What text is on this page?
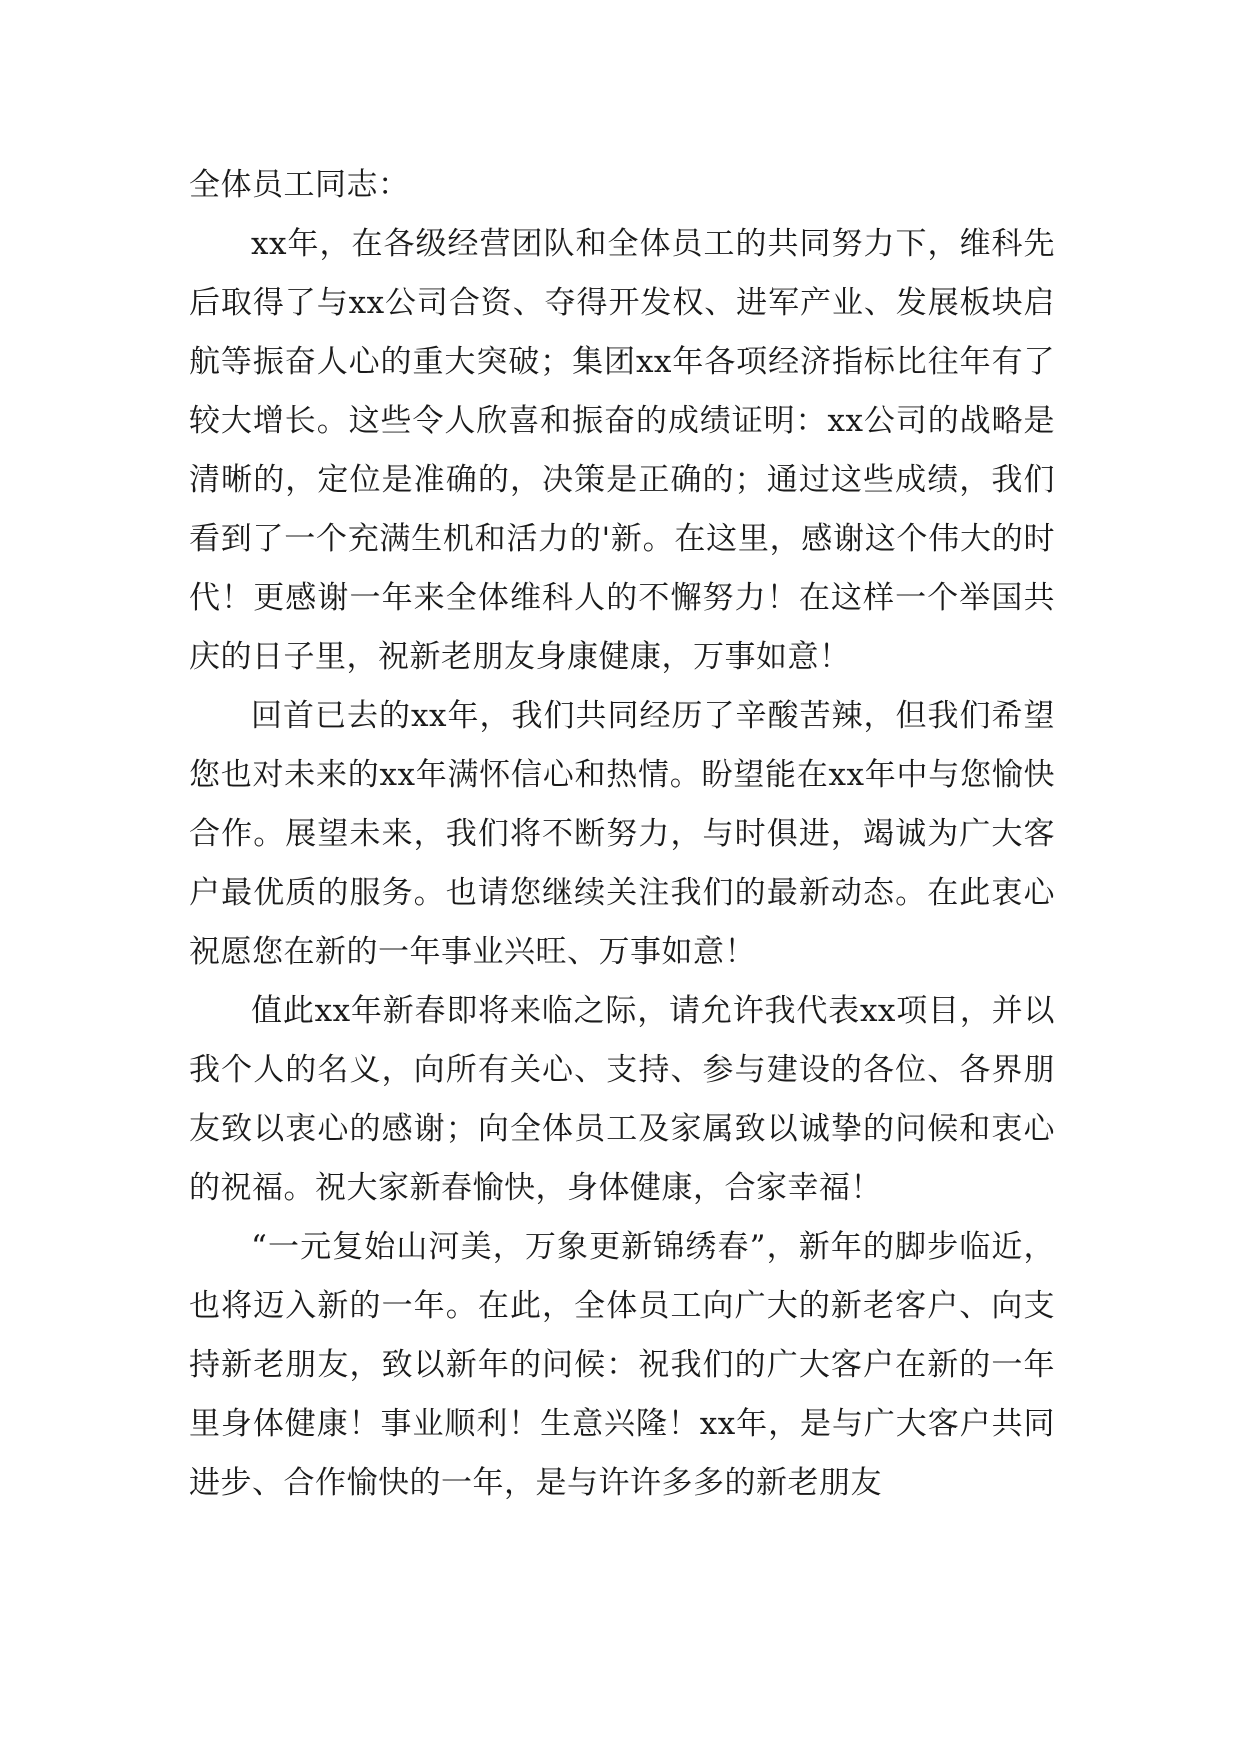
全体员工同志：

xx年，在各级经营团队和全体员工的共同努力下，维科先后取得了与xx公司合资、夺得开发权、进军产业、发展板块启航等振奋人心的重大突破；集团xx年各项经济指标比往年有了较大增长。这些令人欣喜和振奋的成绩证明：xx公司的战略是清晰的，定位是准确的，决策是正确的；通过这些成绩，我们看到了一个充满生机和活力的'新。在这里，感谢这个伟大的时代！更感谢一年来全体维科人的不懈努力！在这样一个举国共庆的日子里，祝新老朋友身康健康，万事如意！

回首已去的xx年，我们共同经历了辛酸苦辣，但我们希望您也对未来的xx年满怀信心和热情。盼望能在xx年中与您愉快合作。展望未来，我们将不断努力，与时俱进，竭诚为广大客户最优质的服务。也请您继续关注我们的最新动态。在此衷心祝愿您在新的一年事业兴旺、万事如意！

值此xx年新春即将来临之际，请允许我代表xx项目，并以我个人的名义，向所有关心、支持、参与建设的各位、各界朋友致以衷心的感谢；向全体员工及家属致以诚挚的问候和衷心的祝福。祝大家新春愉快，身体健康，合家幸福！

“一元复始山河美，万象更新锦绣春”，新年的脚步临近，也将迈入新的一年。在此，全体员工向广大的新老客户、向支持新老朋友，致以新年的问候：祝我们的广大客户在新的一年里身体健康！事业顺利！生意兴隆！xx年，是与广大客户共同进步、合作愉快的一年，是与许许多多的新老朋友
